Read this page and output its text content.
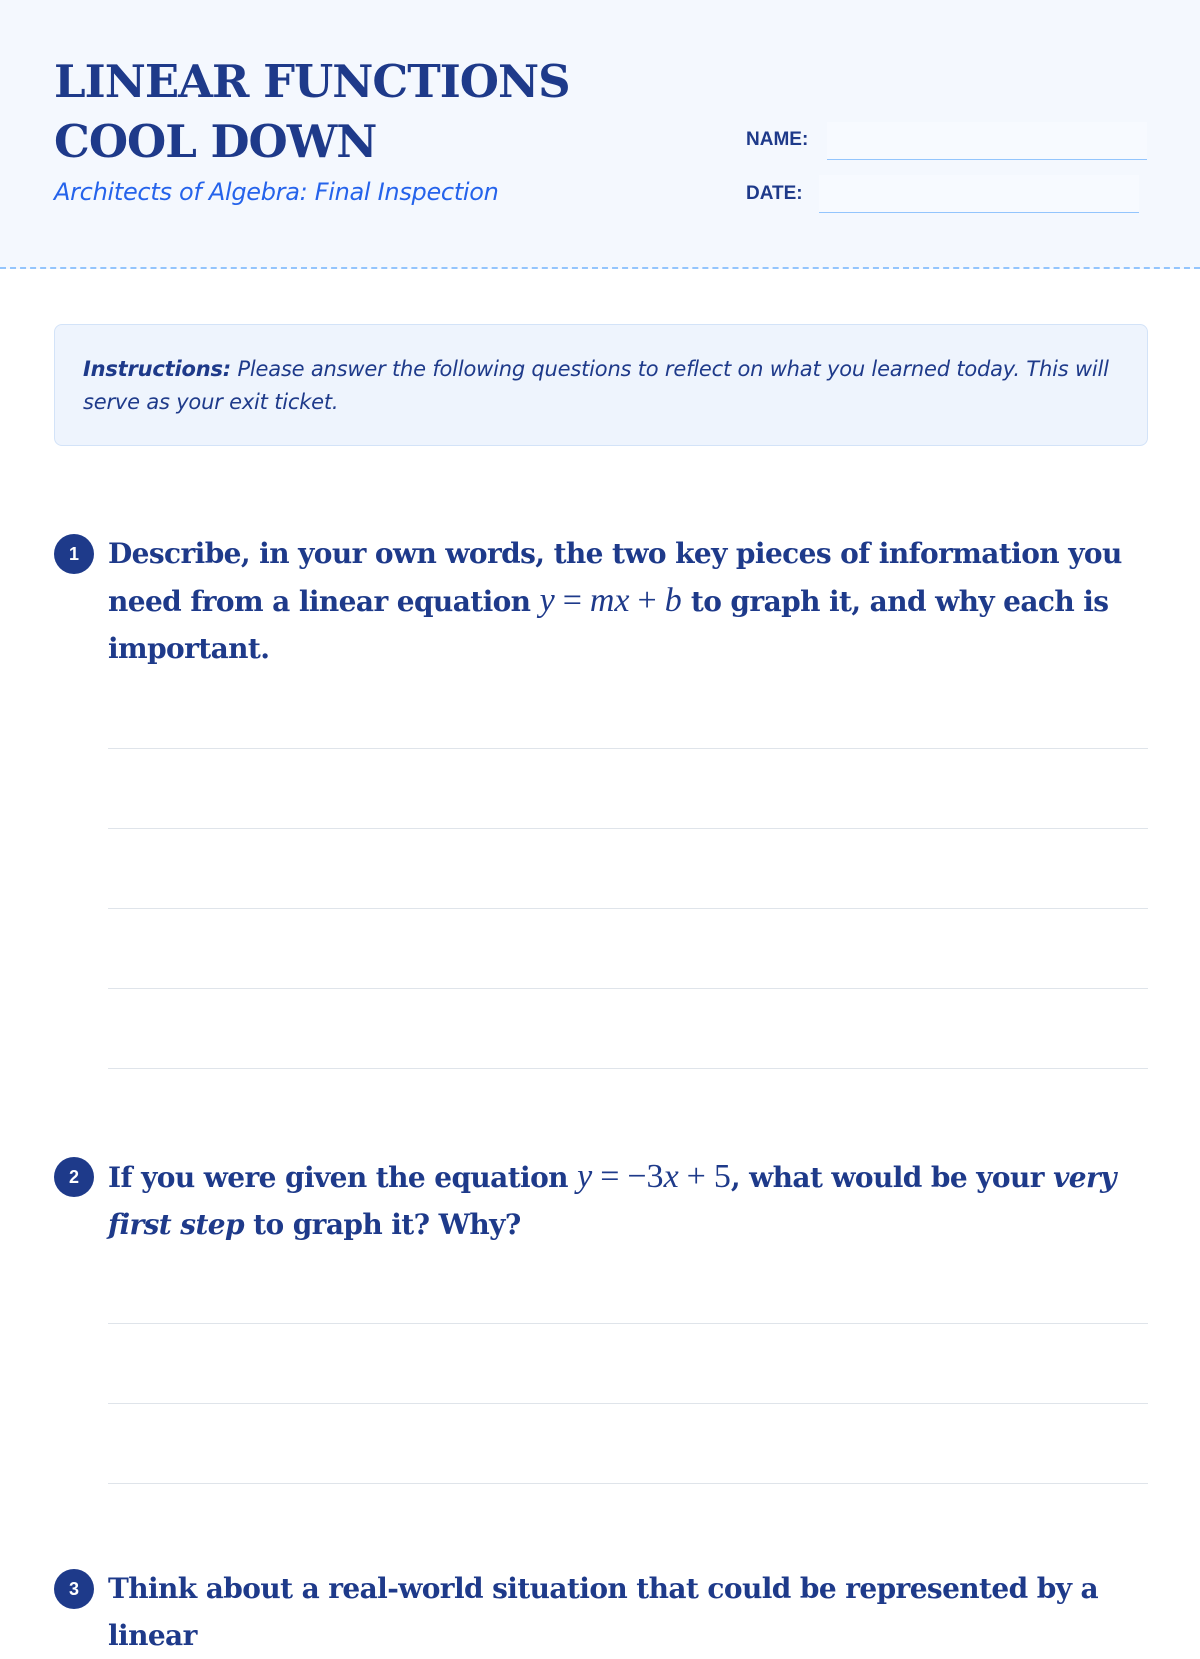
LINEAR FUNCTIONS COOL DOWN
Architects of Algebra: Final Inspection
NAME:
DATE:
Instructions: Please answer the following questions to reflect on what you learned today. This will serve as your exit ticket.
1	Describe, in your own words, the two key pieces of information you need from a linear equation y = mx + b to graph it, and why each is important.

2	If you were given the equation y = −3x + 5, what would be your very first step to graph it? Why?

3	Think about a real-world situation that could be represented by a linear
